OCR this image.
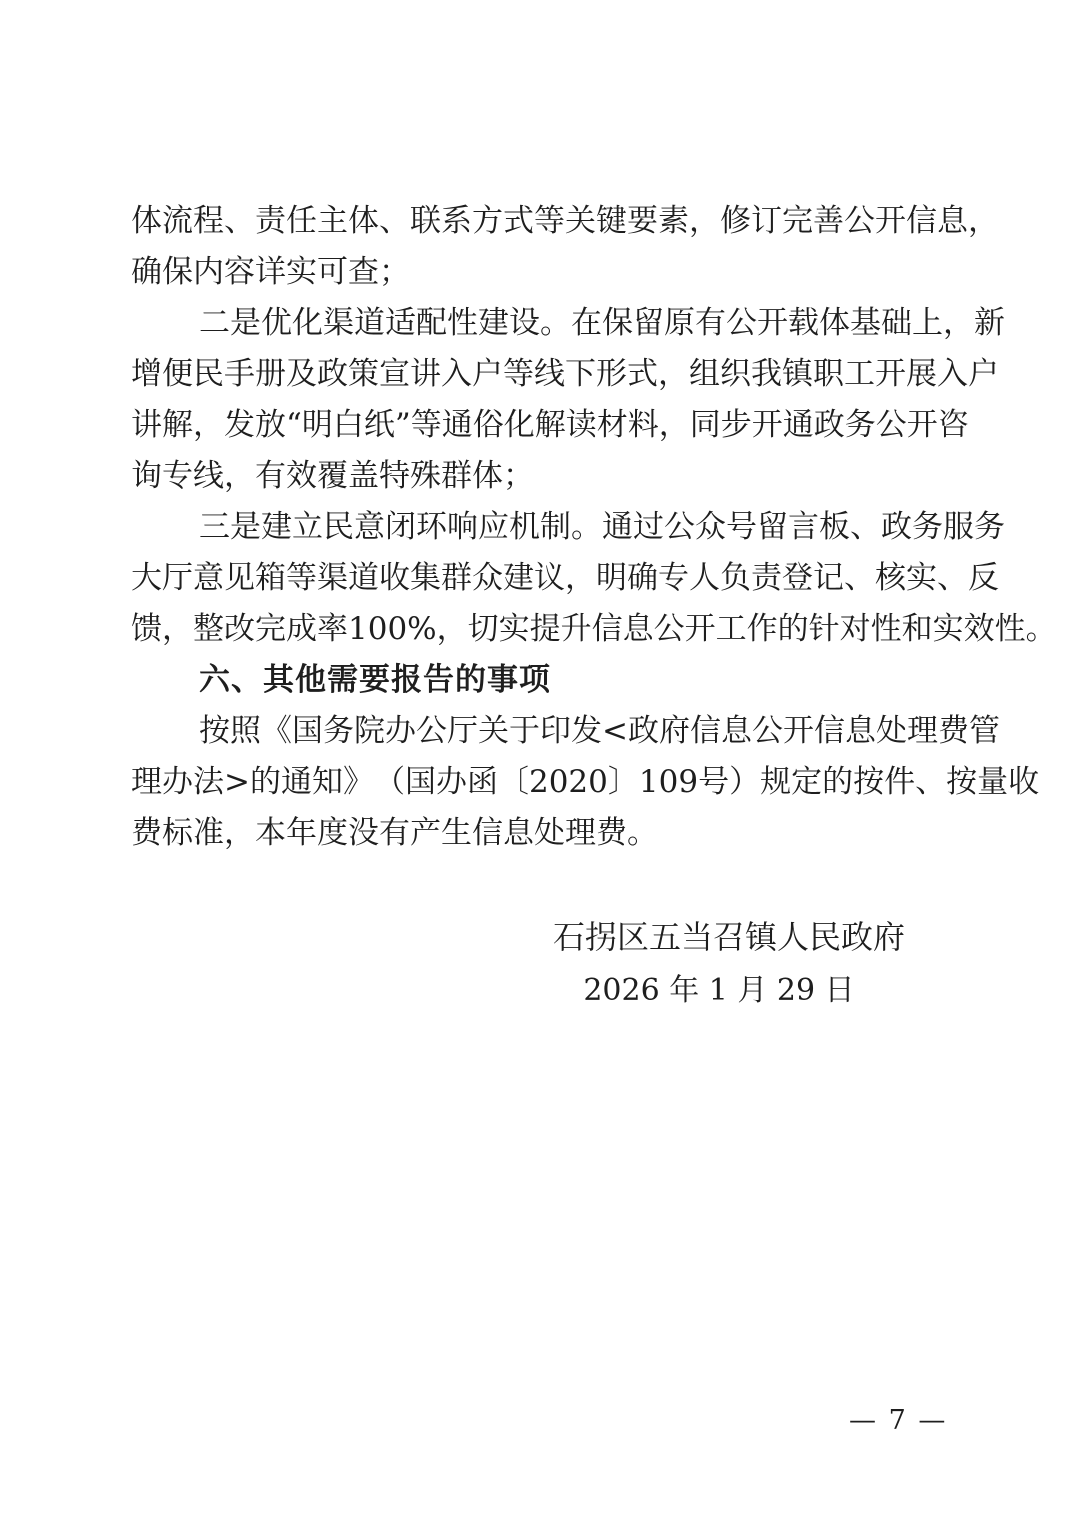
体 流 程 、 责 任 主 体 、 联 系 方 式 等 关 键 要 素 ， 修 订 完 善 公 开 信 息 ，
确保内容详实可查；
二 是 优 化 渠 道 适 配 性 建 设 。 在 保 留 原 有 公 开 载 体 基 础 上 ， 新
增 便 民 手 册 及 政 策 宣 讲 入 户 等 线 下 形 式 ， 组 织 我 镇 职 工 开 展 入 户
讲 解 ， 发 放 “ 明 白 纸 ” 等 通 俗 化 解 读 材 料 ， 同 步 开 通 政 务 公 开 咨
询专线，有效覆盖特殊群体；
三 是 建 立 民 意 闭 环 响 应 机 制 。 通 过 公 众 号 留 言 板 、 政 务 服 务
大 厅 意 见 箱 等 渠 道 收 集 群 众 建 议 ， 明 确 专 人 负 责 登 记 、 核 实 、 反
馈 ， 整 改 完 成 率 100% ， 切 实 提 升 信 息 公 开 工 作 的 针 对 性 和 实 效 性 。
六、其他需要报告的事项
按 照 《 国 务 院 办 公 厅 关 于 印 发 < 政 府 信 息 公 开 信 息 处 理 费 管
理 办 法 > 的 通 知 》 （ 国 办 函 〔 2020 〕 109 号 ） 规 定 的 按 件 、 按 量 收
费标准，本年度没有产生信息处理费。
石拐区五当召镇人民政府
2026 年 1 月 29 日
— 7 —
